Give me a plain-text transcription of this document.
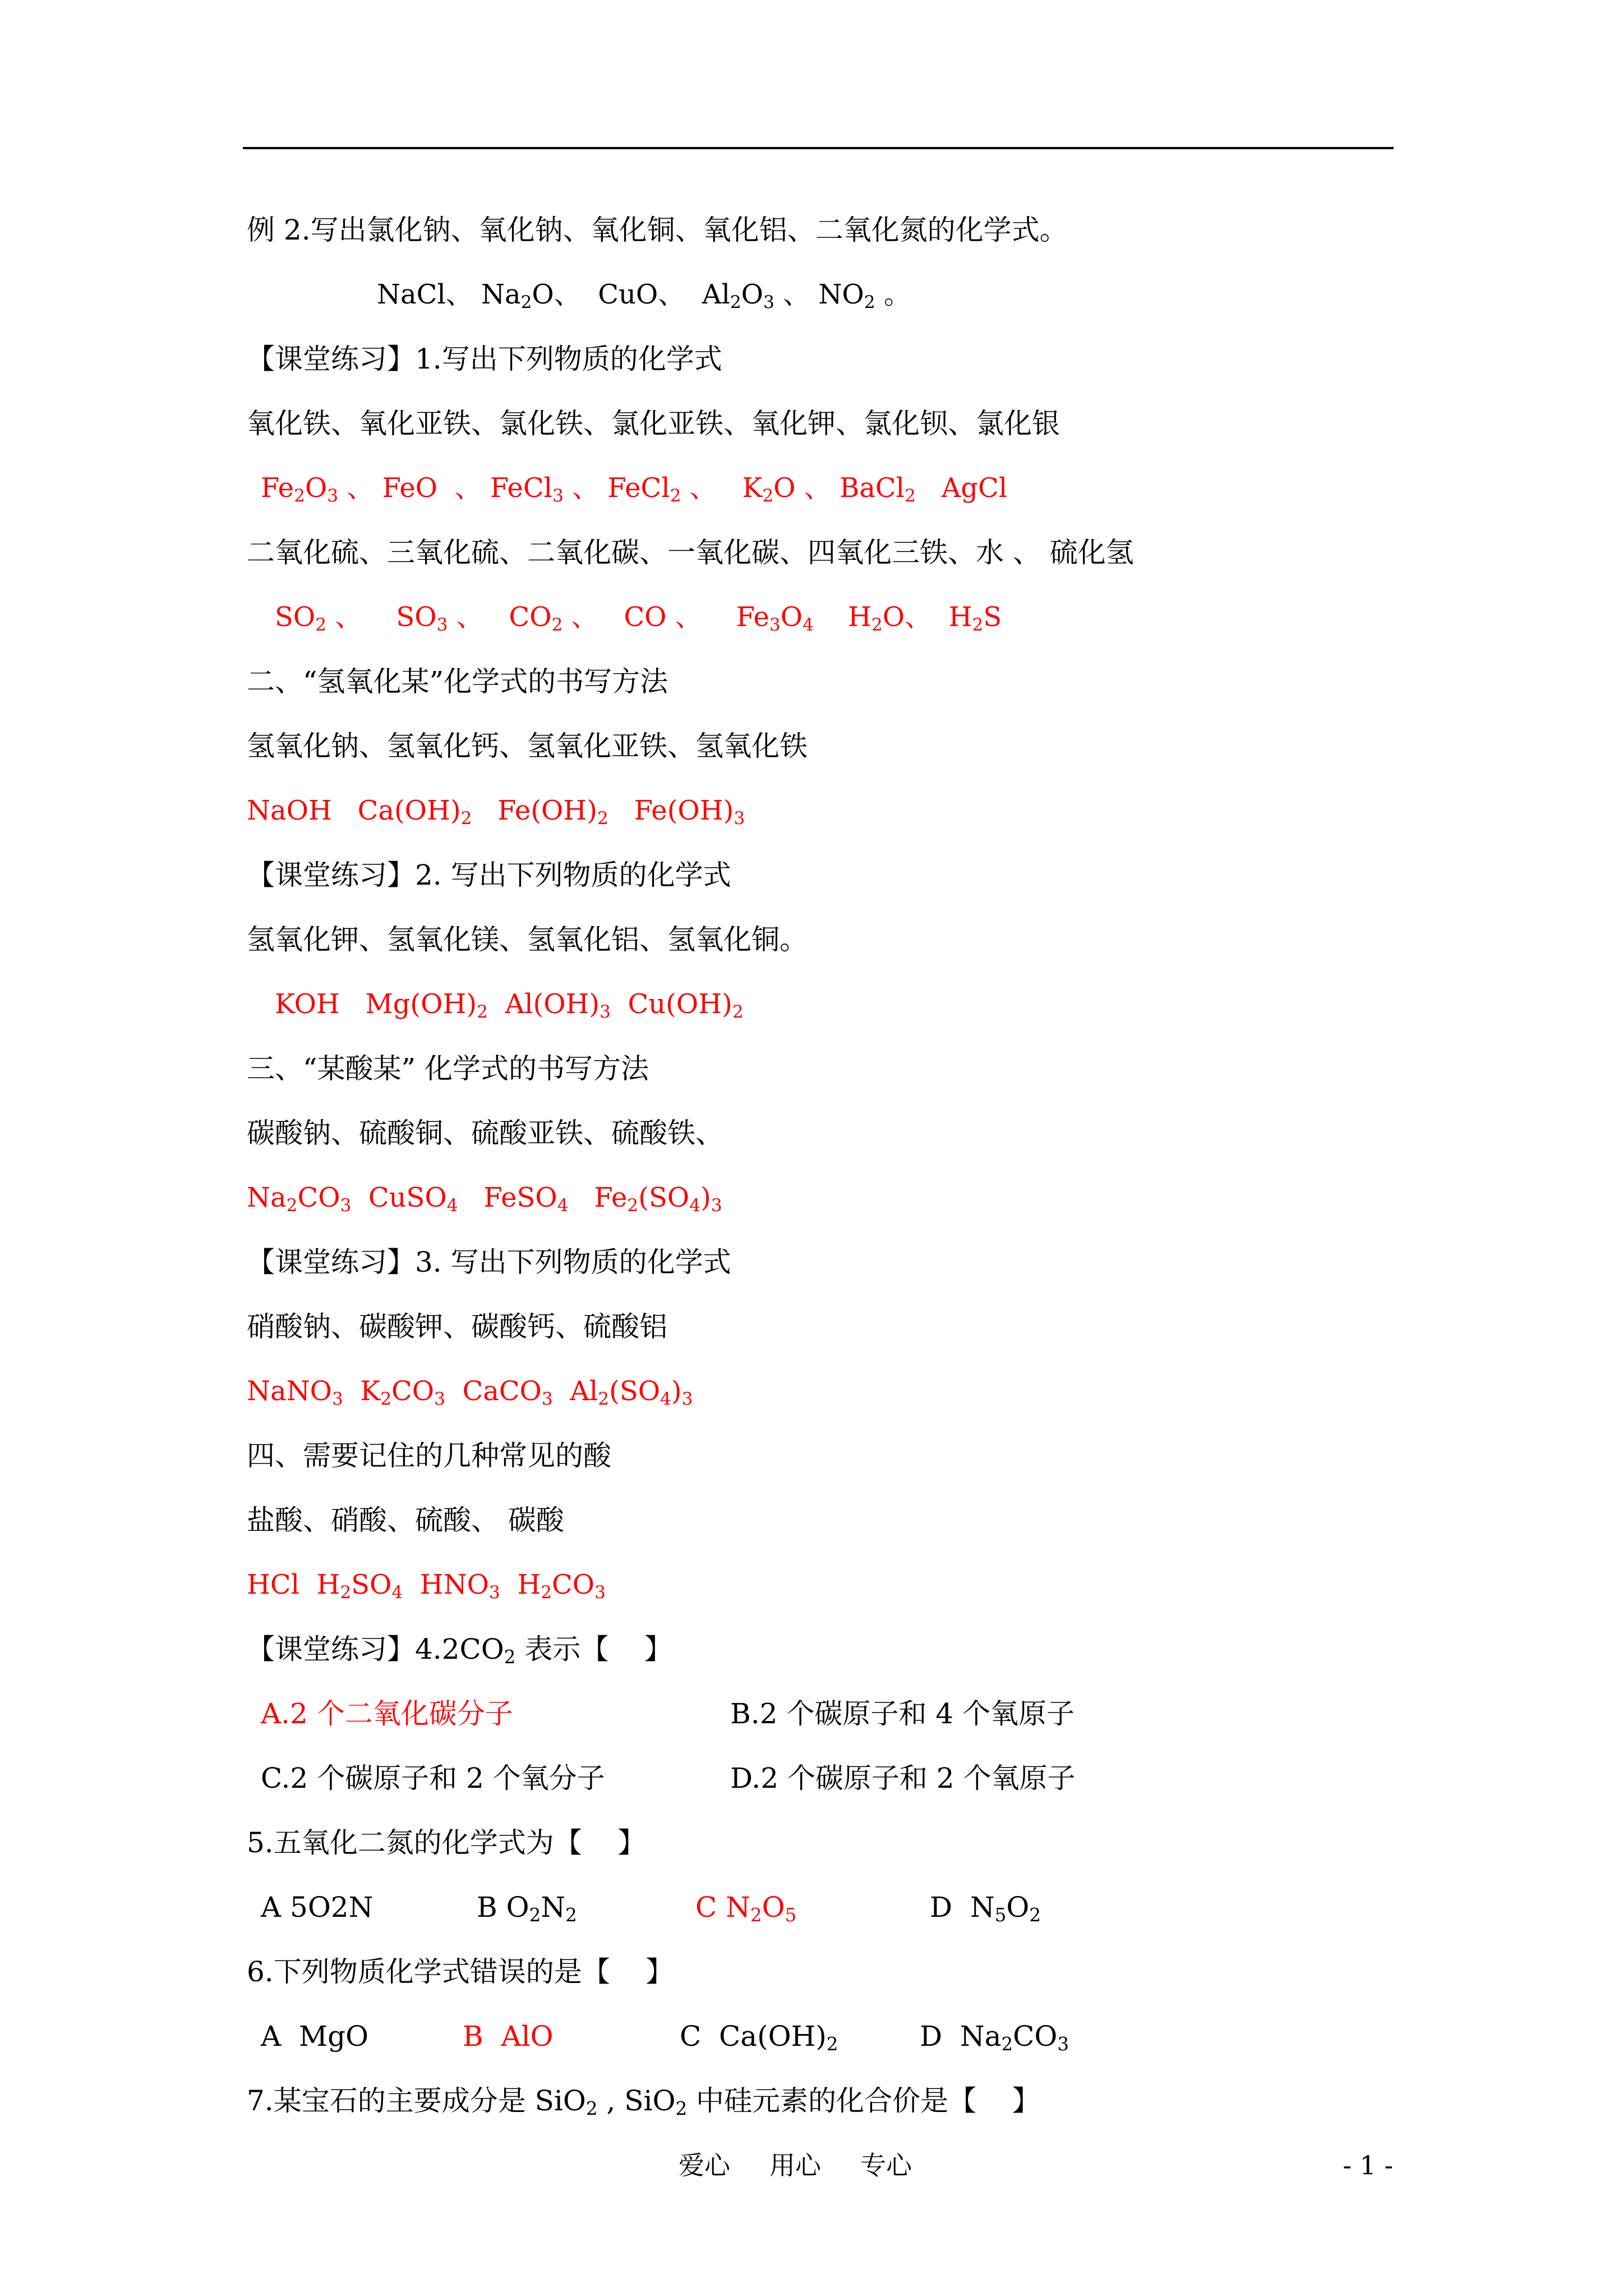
例 2.写出氯化钠、氧化钠、氧化铜、氧化铝、二氧化氮的化学式。
NaCl、 Na2O、  CuO、  Al2O3 、 NO2 。
【课堂练习】1.写出下列物质的化学式
氧化铁、氧化亚铁、氯化铁、氯化亚铁、氧化钾、氯化钡、氯化银
Fe2O3 、 FeO  、 FeCl3 、 FeCl2 、   K2O 、 BaCl2   AgCl
二氧化硫、三氧化硫、二氧化碳、一氧化碳、四氧化三铁、水 、 硫化氢
SO2 、    SO3 、   CO2 、   CO 、    Fe3O4    H2O、  H2S
二、“氢氧化某”化学式的书写方法
氢氧化钠、氢氧化钙、氢氧化亚铁、氢氧化铁
NaOH   Ca(OH)2   Fe(OH)2   Fe(OH)3
【课堂练习】2. 写出下列物质的化学式
氢氧化钾、氢氧化镁、氢氧化铝、氢氧化铜。
KOH   Mg(OH)2  Al(OH)3  Cu(OH)2
三、“某酸某” 化学式的书写方法
碳酸钠、硫酸铜、硫酸亚铁、硫酸铁、
Na2CO3  CuSO4   FeSO4   Fe2(SO4)3
【课堂练习】3. 写出下列物质的化学式
硝酸钠、碳酸钾、碳酸钙、硫酸铝
NaNO3  K2CO3  CaCO3  Al2(SO4)3
四、需要记住的几种常见的酸
盐酸、硝酸、硫酸、 碳酸
HCl  H2SO4  HNO3  H2CO3
【课堂练习】4.2CO2 表示【    】
A.2 个二氧化碳分子	B.2 个碳原子和 4 个氧原子
C.2 个碳原子和 2 个氧分子	D.2 个碳原子和 2 个氧原子
5.五氧化二氮的化学式为【    】
A 5O2N	B O2N2	C N2O5	D  N5O2
6.下列物质化学式错误的是【    】
A  MgO	B  AlO	C  Ca(OH)2	D  Na2CO3
7.某宝石的主要成分是 SiO2 , SiO2 中硅元素的化合价是【    】
爱心 用心 专心	- 1 -
